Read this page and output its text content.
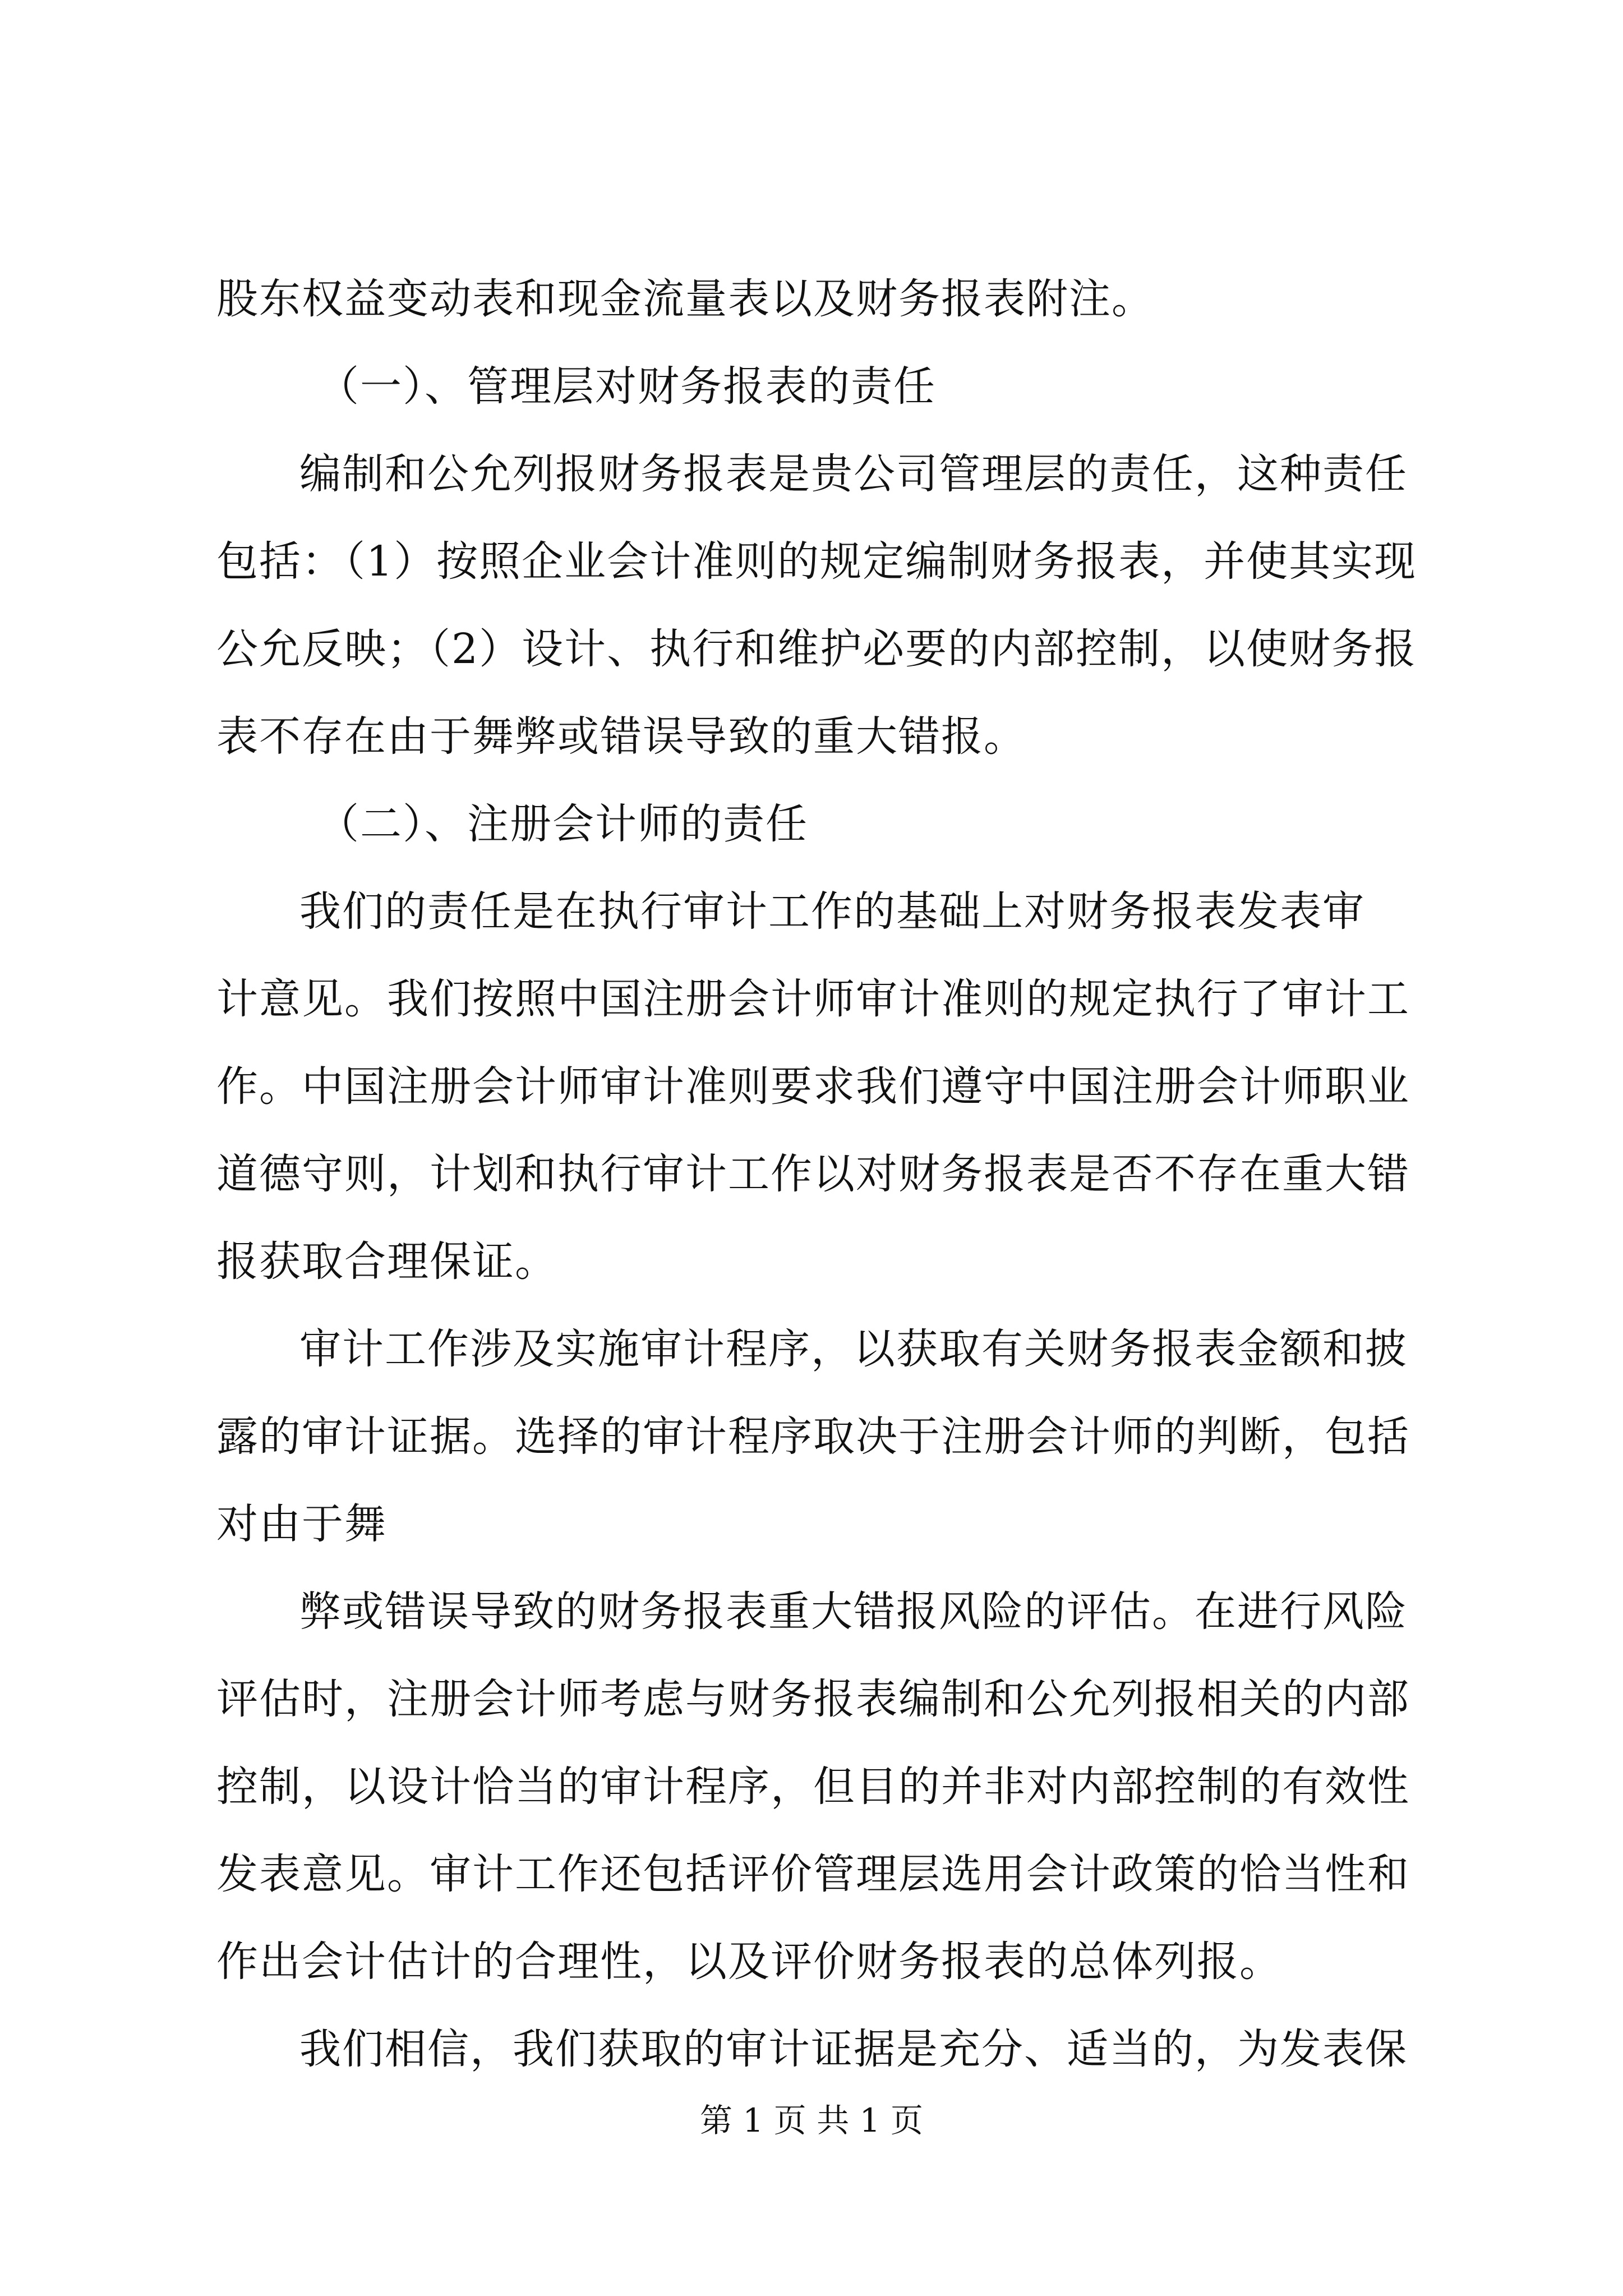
股东权益变动表和现金流量表以及财务报表附注。
（一）、管理层对财务报表的责任
编制和公允列报财务报表是贵公司管理层的责任，这种责任
包括：（1）按照企业会计准则的规定编制财务报表，并使其实现
公允反映；（2）设计、执行和维护必要的内部控制，以使财务报
表不存在由于舞弊或错误导致的重大错报。
（二）、注册会计师的责任
我们的责任是在执行审计工作的基础上对财务报表发表审
计意见。我们按照中国注册会计师审计准则的规定执行了审计工
作。中国注册会计师审计准则要求我们遵守中国注册会计师职业
道德守则，计划和执行审计工作以对财务报表是否不存在重大错
报获取合理保证。
审计工作涉及实施审计程序，以获取有关财务报表金额和披
露的审计证据。选择的审计程序取决于注册会计师的判断，包括
对由于舞
弊或错误导致的财务报表重大错报风险的评估。在进行风险
评估时，注册会计师考虑与财务报表编制和公允列报相关的内部
控制，以设计恰当的审计程序，但目的并非对内部控制的有效性
发表意见。审计工作还包括评价管理层选用会计政策的恰当性和
作出会计估计的合理性，以及评价财务报表的总体列报。
我们相信，我们获取的审计证据是充分、适当的，为发表保
第 1 页 共 1 页
